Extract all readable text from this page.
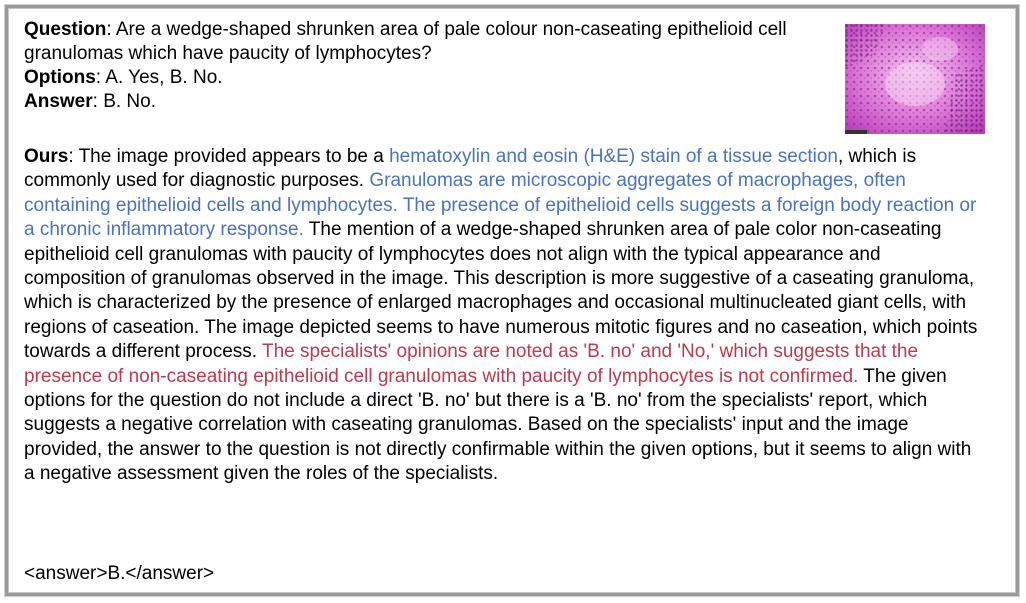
Question: Are a wedge-shaped shrunken area of pale colour non-caseating epithelioid cell granulomas which have paucity of lymphocytes?

Options: A. Yes, B. No.

Answer: B. No.

Ours: The image provided appears to be a hematoxylin and eosin (H&E) stain of a tissue section, which is commonly used for diagnostic purposes. Granulomas are microscopic aggregates of macrophages, often containing epithelioid cells and lymphocytes. The presence of epithelioid cells suggests a foreign body reaction or a chronic inflammatory response. The mention of a wedge-shaped shrunken area of pale color non-caseating epithelioid cell granulomas with paucity of lymphocytes does not align with the typical appearance and composition of granulomas observed in the image. This description is more suggestive of a caseating granuloma, which is characterized by the presence of enlarged macrophages and occasional multinucleated giant cells, with regions of caseation. The image depicted seems to have numerous mitotic figures and no caseation, which points towards a different process. The specialists' opinions are noted as 'B. no' and 'No,' which suggests that the presence of non-caseating epithelioid cell granulomas with paucity of lymphocytes is not confirmed. The given options for the question do not include a direct 'B. no' but there is a 'B. no' from the specialists' report, which suggests a negative correlation with caseating granulomas. Based on the specialists' input and the image provided, the answer to the question is not directly confirmable within the given options, but it seems to align with a negative assessment given the roles of the specialists.

<answer>B.</answer>
